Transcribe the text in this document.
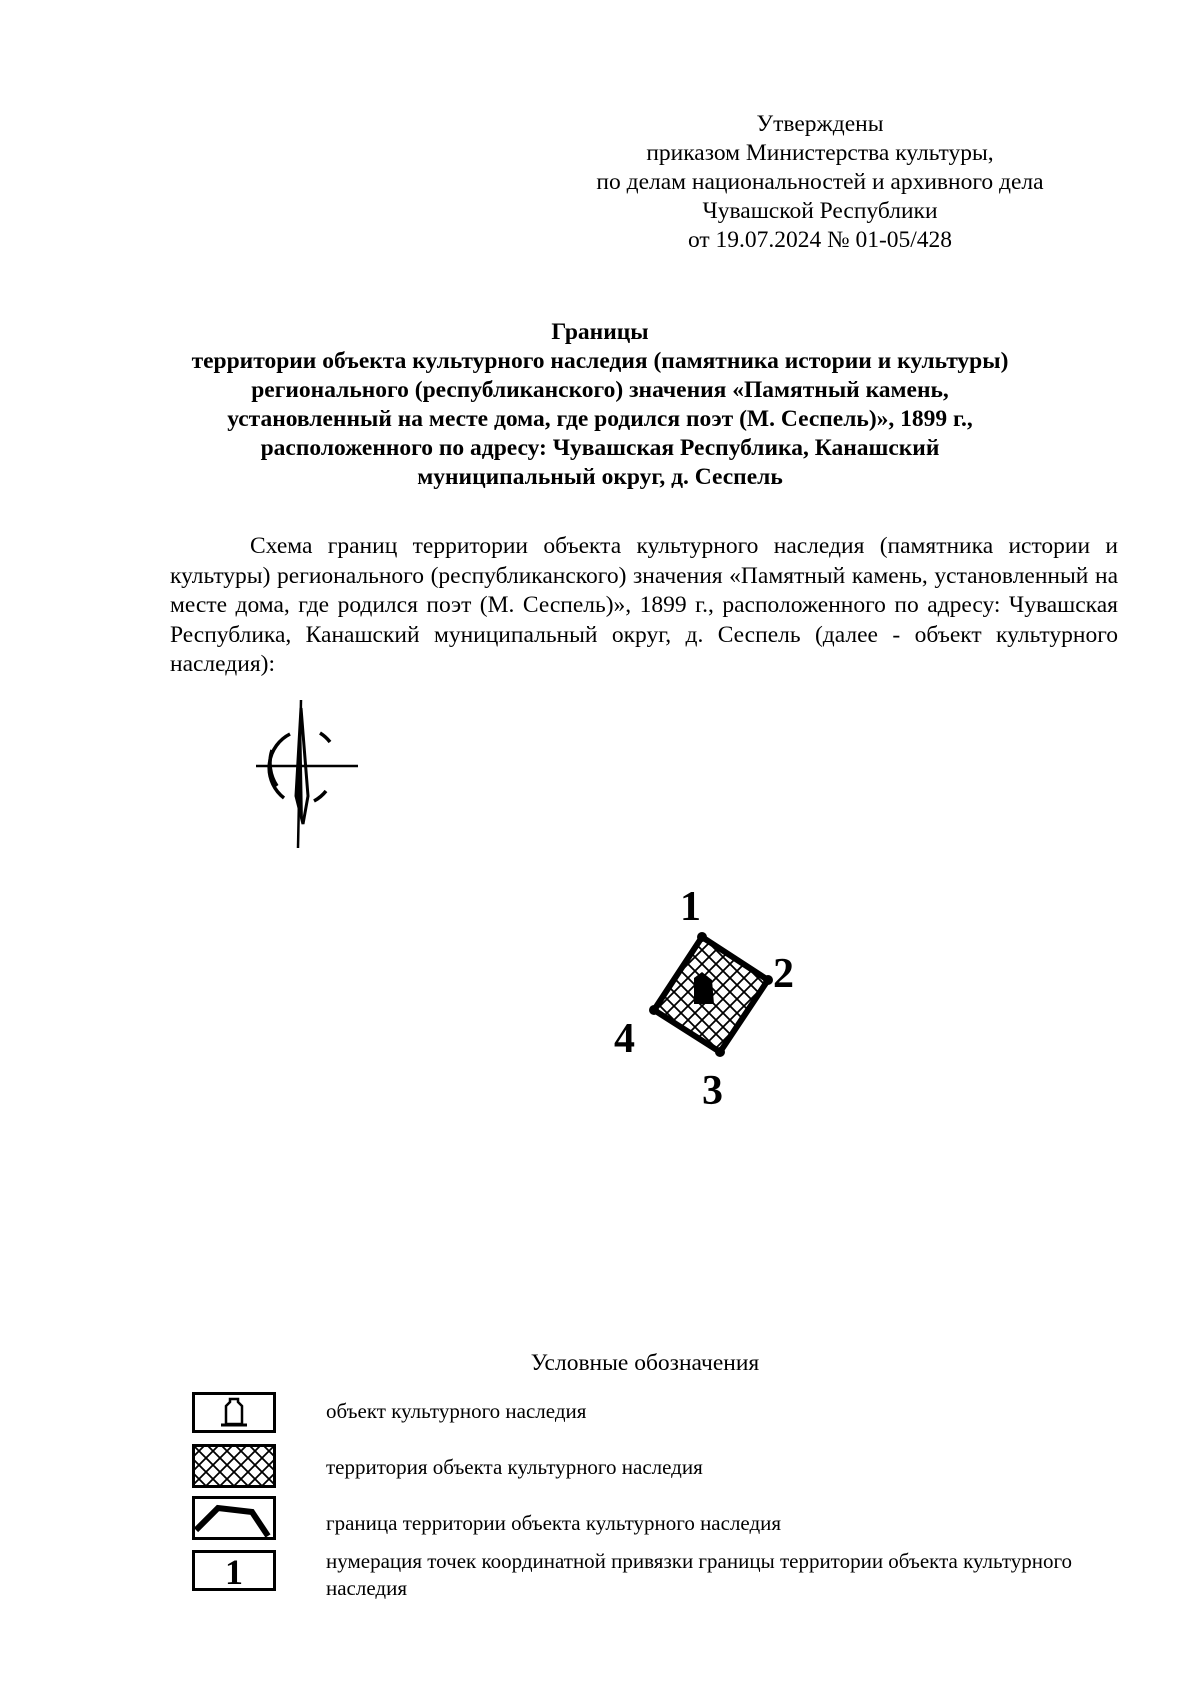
Утверждены
приказом Министерства культуры,
по делам национальностей и архивного дела
Чувашской Республики
от 19.07.2024 № 01-05/428
Границы
территории объекта культурного наследия (памятника истории и культуры)
регионального (республиканского) значения «Памятный камень,
установленный на месте дома, где родился поэт (М. Сеспель)», 1899 г.,
расположенного по адресу: Чувашская Республика, Канашский
муниципальный округ, д. Сеспель
Схема границ территории объекта культурного наследия (памятника истории и культуры) регионального (республиканского) значения «Памятный камень, установленный на месте дома, где родился поэт (М. Сеспель)», 1899 г., расположенного по адресу: Чувашская Республика, Канашский муниципальный округ, д. Сеспель (далее - объект культурного наследия):
1
2
3
4
Условные обозначения
объект культурного наследия
территория объекта культурного наследия
граница территории объекта культурного наследия
1	нумерация точек координатной привязки границы территории объекта культурного наследия
